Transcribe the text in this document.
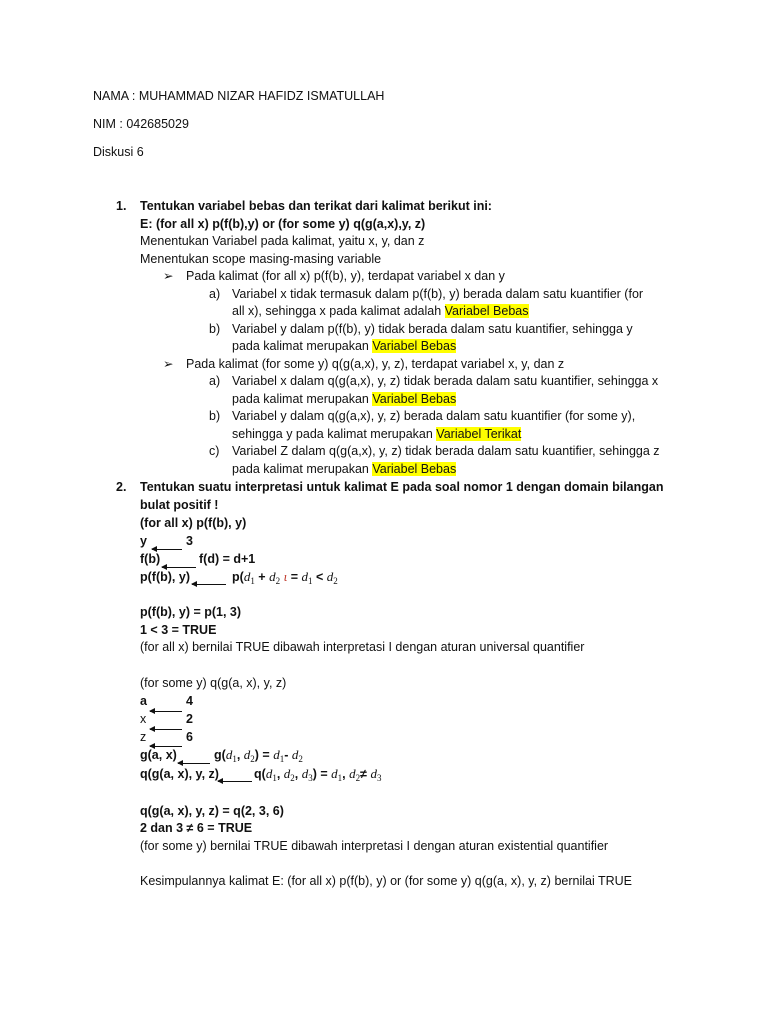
NAMA : MUHAMMAD NIZAR HAFIDZ ISMATULLAH
NIM : 042685029
Diskusi 6
1. Tentukan variabel bebas dan terikat dari kalimat berikut ini:
E: (for all x) p(f(b),y) or (for some y) q(g(a,x),y, z)
Menentukan Variabel pada kalimat, yaitu x, y, dan z
Menentukan scope masing-masing variable
➢ Pada kalimat (for all x) p(f(b), y), terdapat variabel x dan y
a) Variabel x tidak termasuk dalam p(f(b), y) berada dalam satu kuantifier (for
all x), sehingga x pada kalimat adalah Variabel Bebas
b) Variabel y dalam p(f(b), y) tidak berada dalam satu kuantifier, sehingga y
pada kalimat merupakan Variabel Bebas
➢ Pada kalimat (for some y) q(g(a,x), y, z), terdapat variabel x, y, dan z
a) Variabel x dalam q(g(a,x), y, z) tidak berada dalam satu kuantifier, sehingga x
pada kalimat merupakan Variabel Bebas
b) Variabel y dalam q(g(a,x), y, z) berada dalam satu kuantifier (for some y),
sehingga y pada kalimat merupakan Variabel Terikat
c) Variabel Z dalam q(g(a,x), y, z) tidak berada dalam satu kuantifier, sehingga z
pada kalimat merupakan Variabel Bebas
2. Tentukan suatu interpretasi untuk kalimat E pada soal nomor 1 dengan domain bilangan
bulat positif !
(for all x) p(f(b), y)
y	3
f(b)	f(d) = d+1
p(f(b), y)	$p(d_1 + d_2$ $\iota = d_1 < d_2$
p(f(b), y) = p(1, 3)
1 < 3 = TRUE
(for all x) bernilai TRUE dibawah interpretasi I dengan aturan universal quantifier
(for some y) q(g(a, x), y, z)
a	4
x	2
z	6
g(a, x)	$g(d_1$, $d_2) = d_1-$ $d_2$
q(g(a, x), y, z)	$q(d_1$, $d_2$, $d_3) = d_1$, $d_2\ne d_3$
q(g(a, x), y, z) = q(2, 3, 6)
2 dan 3 ≠ 6 = TRUE
(for some y) bernilai TRUE dibawah interpretasi I dengan aturan existential quantifier
Kesimpulannya kalimat E: (for all x) p(f(b), y) or (for some y) q(g(a, x), y, z) bernilai TRUE
